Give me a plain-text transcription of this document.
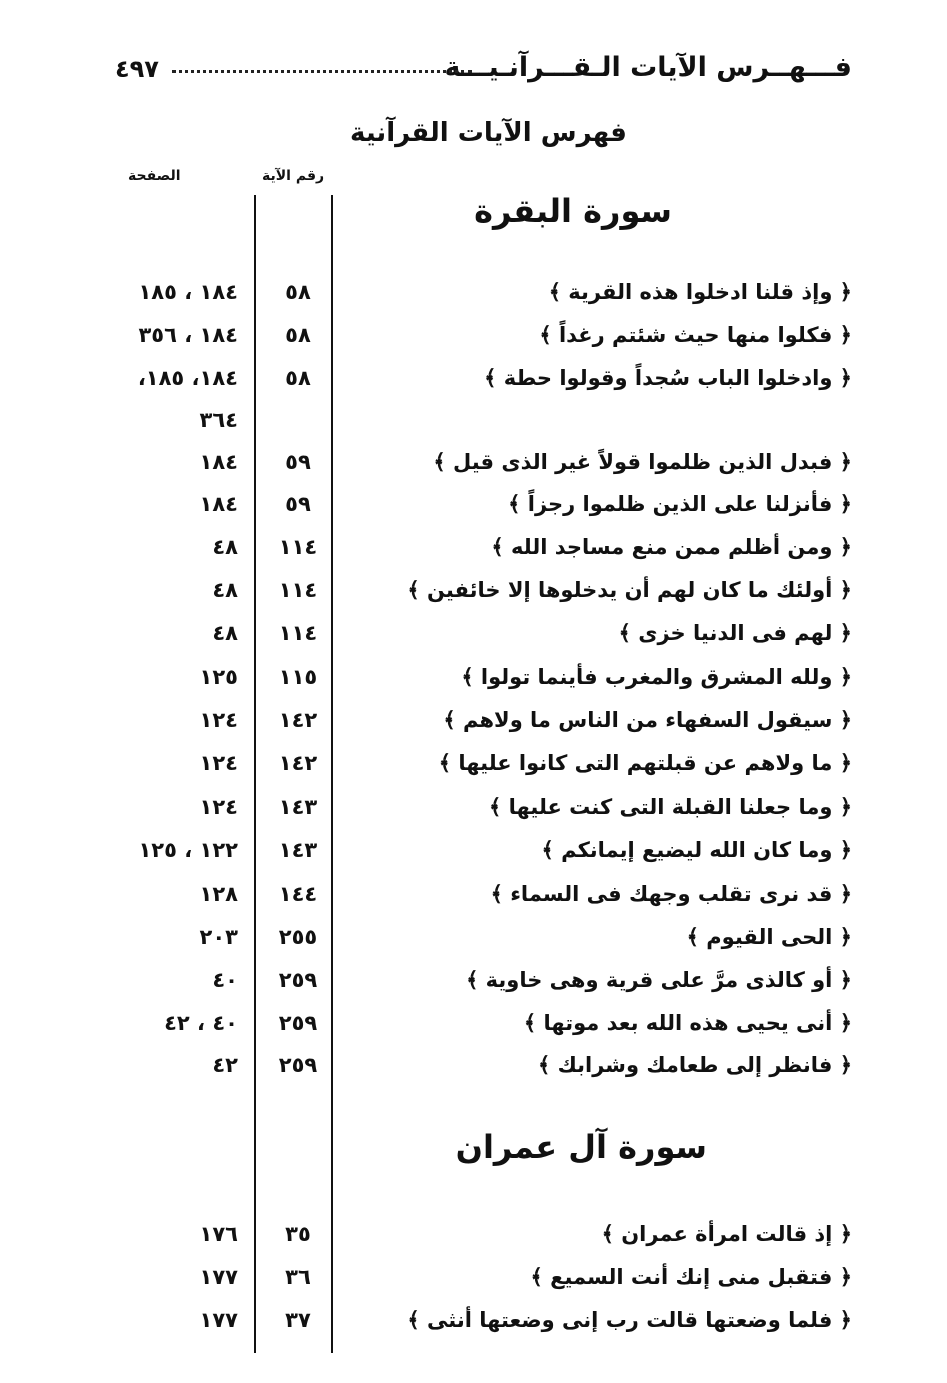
فـــهــرس الآيات الـقـــرآنـيـــة
٤٩٧
فهرس الآيات القرآنية
رقم الآية
الصفحة
سورة البقرة
سورة آل عمران
﴿ وإذ قلنا ادخلوا هذه القرية ﴾
٥٨
١٨٤ ، ١٨٥
﴿ فكلوا منها حيث شئتم رغداً ﴾
٥٨
١٨٤ ، ٣٥٦
﴿ وادخلوا الباب سُجداً وقولوا حطة ﴾
٥٨
١٨٤، ١٨٥،
٣٦٤
﴿ فبدل الذين ظلموا قولاً غير الذى قيل ﴾
٥٩
١٨٤
﴿ فأنزلنا على الذين ظلموا رجزاً ﴾
٥٩
١٨٤
﴿ ومن أظلم ممن منع مساجد الله ﴾
١١٤
٤٨
﴿ أولئك ما كان لهم أن يدخلوها إلا خائفين ﴾
١١٤
٤٨
﴿ لهم فى الدنيا خزى ﴾
١١٤
٤٨
﴿ ولله المشرق والمغرب فأينما تولوا ﴾
١١٥
١٢٥
﴿ سيقول السفهاء من الناس ما ولاهم ﴾
١٤٢
١٢٤
﴿ ما ولاهم عن قبلتهم التى كانوا عليها ﴾
١٤٢
١٢٤
﴿ وما جعلنا القبلة التى كنت عليها ﴾
١٤٣
١٢٤
﴿ وما كان الله ليضيع إيمانكم ﴾
١٤٣
١٢٢ ، ١٢٥
﴿ قد نرى تقلب وجهك فى السماء ﴾
١٤٤
١٢٨
﴿ الحى القيوم ﴾
٢٥٥
٢٠٣
﴿ أو كالذى مرَّ على قرية وهى خاوية ﴾
٢٥٩
٤٠
﴿ أنى يحيى هذه الله بعد موتها ﴾
٢٥٩
٤٠ ، ٤٢
﴿ فانظر إلى طعامك وشرابك ﴾
٢٥٩
٤٢
﴿ إذ قالت امرأة عمران ﴾
٣٥
١٧٦
﴿ فتقبل منى إنك أنت السميع ﴾
٣٦
١٧٧
﴿ فلما وضعتها قالت رب إنى وضعتها أنثى ﴾
٣٧
١٧٧
